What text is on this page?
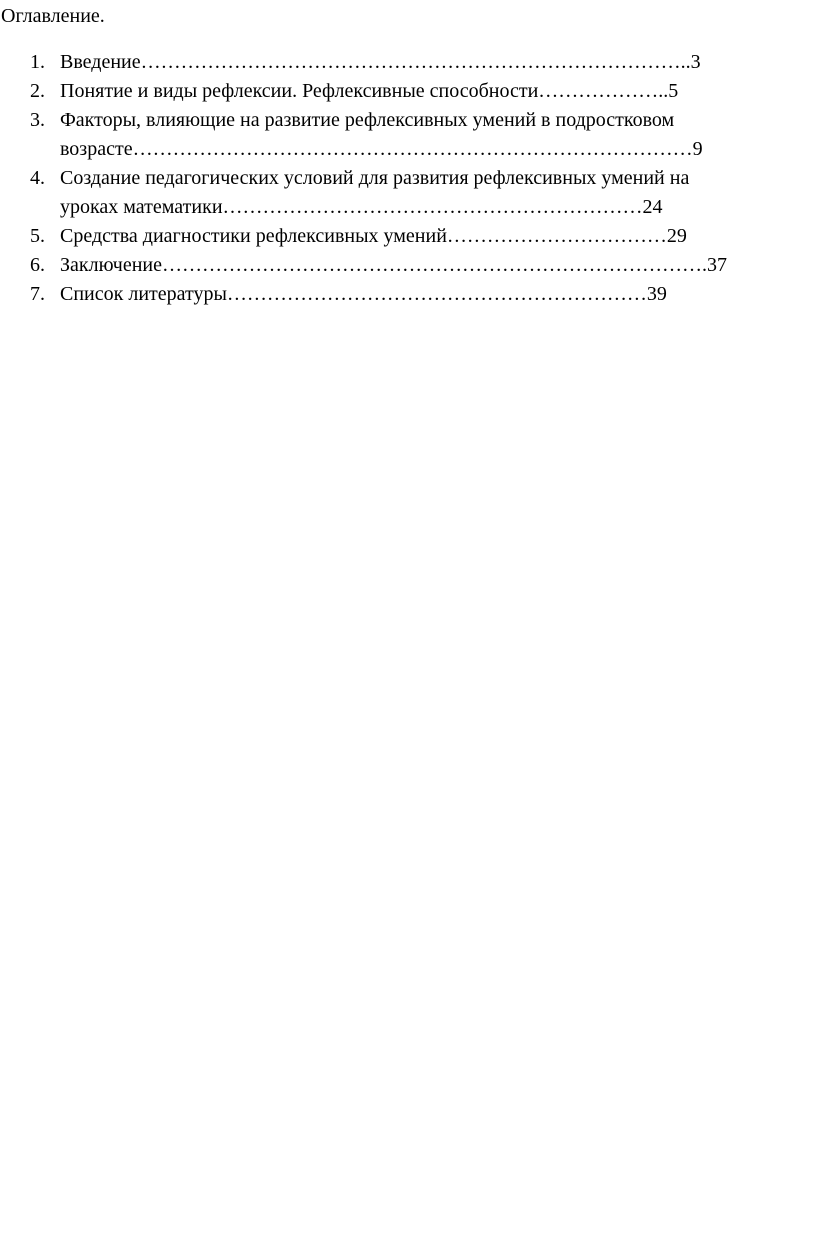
Оглавление.
1. Введение………………………………………………………………………..3
2. Понятие и виды рефлексии. Рефлексивные способности………………..5
3. Факторы, влияющие на развитие рефлексивных умений в подростковом
возрасте…………………………………………………………………………9
4. Создание педагогических условий для развития рефлексивных умений на
уроках математики………………………………………………………24
5. Средства диагностики рефлексивных умений……………………………29
6. Заключение……………………………………………………………………….37
7. Список литературы………………………………………………………39
